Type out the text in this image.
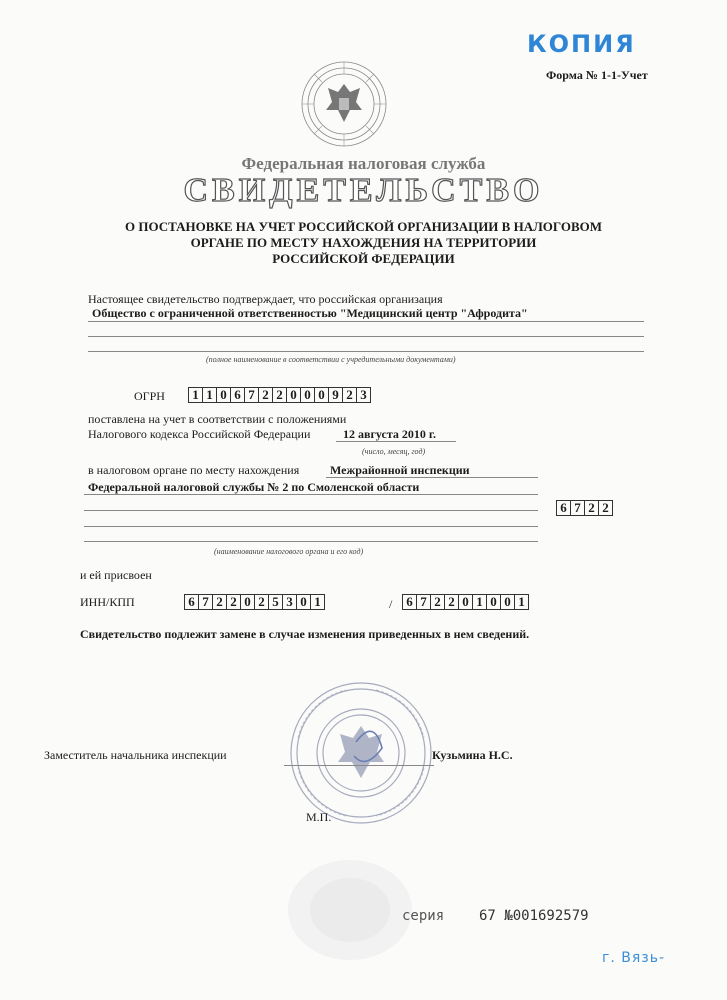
КОПИЯ
Форма № 1-1-Учет
Федеральная налоговая служба
СВИДЕТЕЛЬСТВО
О ПОСТАНОВКЕ НА УЧЕТ РОССИЙСКОЙ ОРГАНИЗАЦИИ В НАЛОГОВОМ
ОРГАНЕ ПО МЕСТУ НАХОЖДЕНИЯ НА ТЕРРИТОРИИ
РОССИЙСКОЙ ФЕДЕРАЦИИ
Настоящее свидетельство подтверждает, что российская организация
Общество с ограниченной ответственностью "Медицинский центр "Афродита"
(полное наименование в соответствии с учредительными документами)
ОГРН 1 1 0 6 7 2 2 0 0 0 9 2 3
поставлена на учет в соответствии с положениями
Налогового кодекса Российской Федерации	12 августа 2010 г.
(число, месяц, год)
в налоговом органе по месту нахождения	Межрайонной инспекции
Федеральной налоговой службы № 2 по Смоленской области
6 7 2 2
(наименование налогового органа и его код)
и ей присвоен
ИНН/КПП	6 7 2 2 0 2 5 3 0 1	/ 6 7 2 2 0 1 0 0 1
Свидетельство подлежит замене в случае изменения приведенных в нем сведений.
Заместитель начальника инспекции	Кузьмина Н.С.
М.П.
серия 67 №001692579
г. Вязь-
